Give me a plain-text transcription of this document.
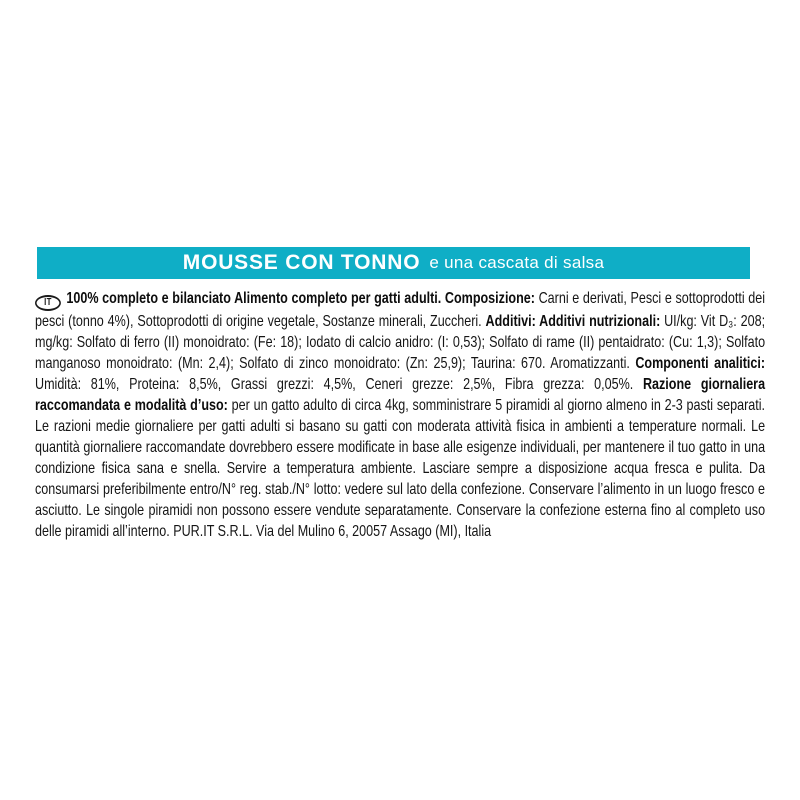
MOUSSE CON TONNO e una cascata di salsa
IT 100% completo e bilanciato Alimento completo per gatti adulti. Composizione: Carni e derivati, Pesci e sottoprodotti dei pesci (tonno 4%), Sottoprodotti di origine vegetale, Sostanze minerali, Zuccheri. Additivi: Additivi nutrizionali: UI/kg: Vit D₃: 208; mg/kg: Solfato di ferro (II) monoidrato: (Fe: 18); Iodato di calcio anidro: (I: 0,53); Solfato di rame (II) pentaidrato: (Cu: 1,3); Solfato manganoso monoidrato: (Mn: 2,4); Solfato di zinco monoidrato: (Zn: 25,9); Taurina: 670. Aromatizzanti. Componenti analitici: Umidità: 81%, Proteina: 8,5%, Grassi grezzi: 4,5%, Ceneri grezze: 2,5%, Fibra grezza: 0,05%. Razione giornaliera raccomandata e modalità d’uso: per un gatto adulto di circa 4kg, somministrare 5 piramidi al giorno almeno in 2-3 pasti separati. Le razioni medie giornaliere per gatti adulti si basano su gatti con moderata attività fisica in ambienti a temperature normali. Le quantità giornaliere raccomandate dovrebbero essere modificate in base alle esigenze individuali, per mantenere il tuo gatto in una condizione fisica sana e snella. Servire a temperatura ambiente. Lasciare sempre a disposizione acqua fresca e pulita. Da consumarsi preferibilmente entro/N° reg. stab./N° lotto: vedere sul lato della confezione. Conservare l’alimento in un luogo fresco e asciutto. Le singole piramidi non possono essere vendute separatamente. Conservare la confezione esterna fino al completo uso delle piramidi all’interno. PUR.IT S.R.L. Via del Mulino 6, 20057 Assago (MI), Italia
